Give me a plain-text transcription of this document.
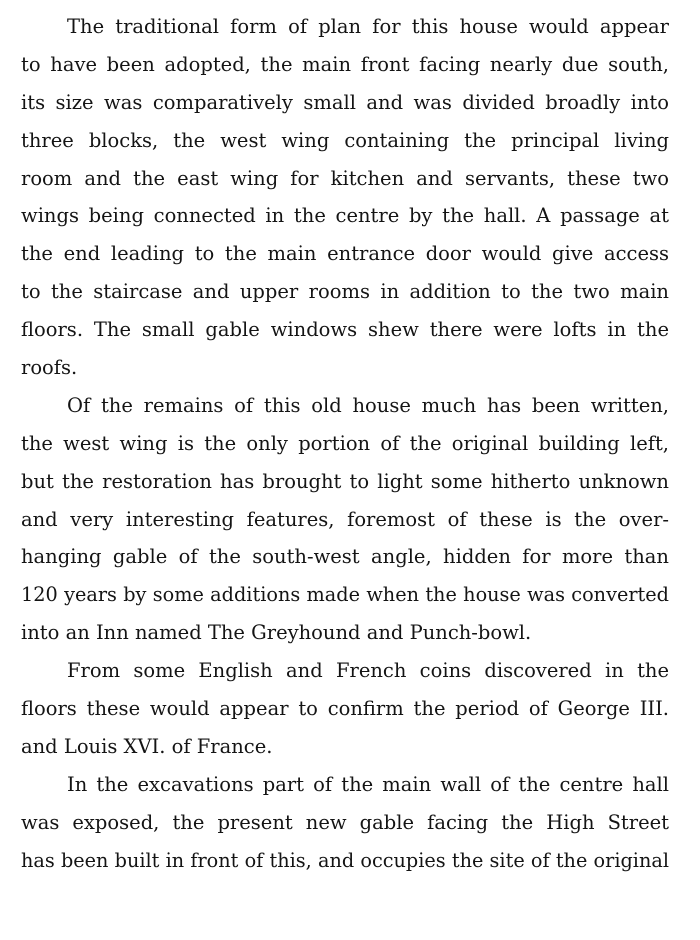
The traditional form of plan for this house would appear
to have been adopted, the main front facing nearly due south,
its size was comparatively small and was divided broadly into
three blocks, the west wing containing the principal living
room and the east wing for kitchen and servants, these two
wings being connected in the centre by the hall. A passage at
the end leading to the main entrance door would give access
to the staircase and upper rooms in addition to the two main
floors. The small gable windows shew there were lofts in the
roofs.
Of the remains of this old house much has been written,
the west wing is the only portion of the original building left,
but the restoration has brought to light some hitherto unknown
and very interesting features, foremost of these is the over-
hanging gable of the south-west angle, hidden for more than
120 years by some additions made when the house was converted
into an Inn named The Greyhound and Punch-bowl.
From some English and French coins discovered in the
floors these would appear to confirm the period of George III.
and Louis XVI. of France.
In the excavations part of the main wall of the centre hall
was exposed, the present new gable facing the High Street
has been built in front of this, and occupies the site of the original
